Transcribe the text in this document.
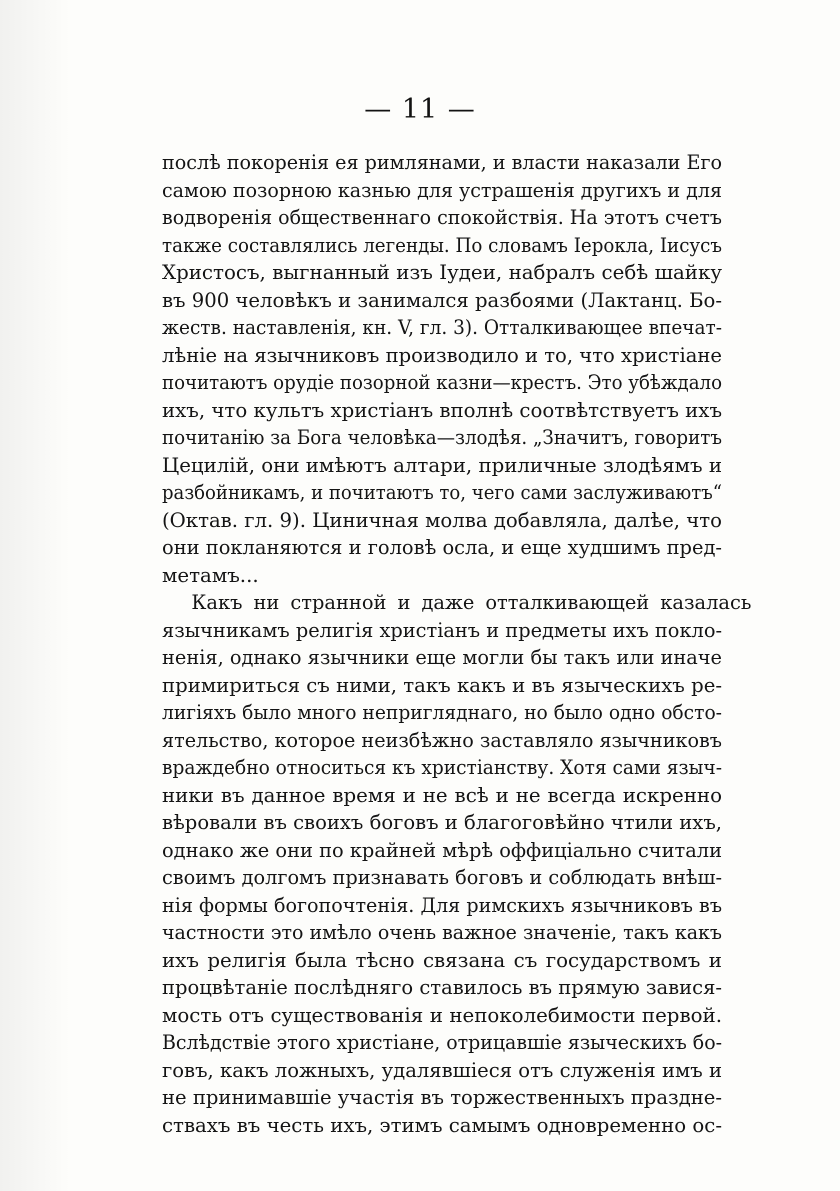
— 11 —
послѣ покоренія ея римлянами, и власти наказали Его
самою позорною казнью для устрашенія другихъ и для
водворенія общественнаго спокойствія. На этотъ счетъ
также составлялись легенды. По словамъ Іерокла, Іисусъ
Христосъ, выгнанный изъ Іудеи, набралъ себѣ шайку
въ 900 человѣкъ и занимался разбоями (Лактанц. Бо-
жеств. наставленія, кн. V, гл. 3). Отталкивающее впечат-
лѣніе на язычниковъ производило и то, что христіане
почитаютъ орудіе позорной казни—крестъ. Это убѣждало
ихъ, что культъ христіанъ вполнѣ соотвѣтствуетъ ихъ
почитанію за Бога человѣка—злодѣя. „Значитъ, говоритъ
Цецилій, они имѣютъ алтари, приличные злодѣямъ и
разбойникамъ, и почитаютъ то, чего сами заслуживаютъ“
(Октав. гл. 9). Циничная молва добавляла, далѣе, что
они покланяются и головѣ осла, и еще худшимъ пред-
метамъ...
Какъ ни странной и даже отталкивающей казалась
язычникамъ религія христіанъ и предметы ихъ покло-
ненія, однако язычники еще могли бы такъ или иначе
примириться съ ними, такъ какъ и въ языческихъ ре-
лигіяхъ было много непригляднаго, но было одно обсто-
ятельство, которое неизбѣжно заставляло язычниковъ
враждебно относиться къ христіанству. Хотя сами языч-
ники въ данное время и не всѣ и не всегда искренно
вѣровали въ своихъ боговъ и благоговѣйно чтили ихъ,
однако же они по крайней мѣрѣ оффиціально считали
своимъ долгомъ признавать боговъ и соблюдать внѣш-
нія формы богопочтенія. Для римскихъ язычниковъ въ
частности это имѣло очень важное значеніе, такъ какъ
ихъ религія была тѣсно связана съ государствомъ и
процвѣтаніе послѣдняго ставилось въ прямую завися-
мость отъ существованія и непоколебимости первой.
Вслѣдствіе этого христіане, отрицавшіе языческихъ бо-
говъ, какъ ложныхъ, удалявшіеся отъ служенія имъ и
не принимавшіе участія въ торжественныхъ праздне-
ствахъ въ честь ихъ, этимъ самымъ одновременно ос-
